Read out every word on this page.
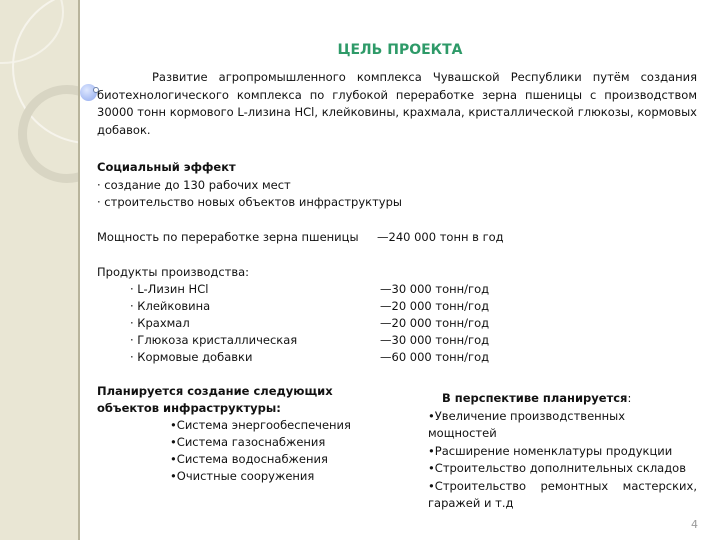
ЦЕЛЬ ПРОЕКТА
Развитие агропромышленного комплекса Чувашской Республики путём создания биотехнологического комплекса по глубокой переработке зерна пшеницы с производством 30000 тонн кормового L-лизина HCl, клейковины, крахмала, кристаллической глюкозы, кормовых добавок.
Социальный эффект
· создание до 130 рабочих мест
· строительство новых объектов инфраструктуры
Мощность по переработке зерна пшеницы —240 000 тонн в год
Продукты производства:
· L-Лизин HCl	—30 000 тонн/год
· Клейковина	—20 000 тонн/год
· Крахмал	—20 000 тонн/год
· Глюкоза кристаллическая	—30 000 тонн/год
· Кормовые добавки	—60 000 тонн/год
Планируется создание следующих
объектов инфраструктуры:
•Система энергообеспечения
•Система газоснабжения
•Система водоснабжения
•Очистные сооружения
В перспективе планируется:
•Увеличение производственных мощностей
•Расширение номенклатуры продукции
•Строительство дополнительных складов
•Строительство ремонтных мастерских,
гаражей и т.д
4
